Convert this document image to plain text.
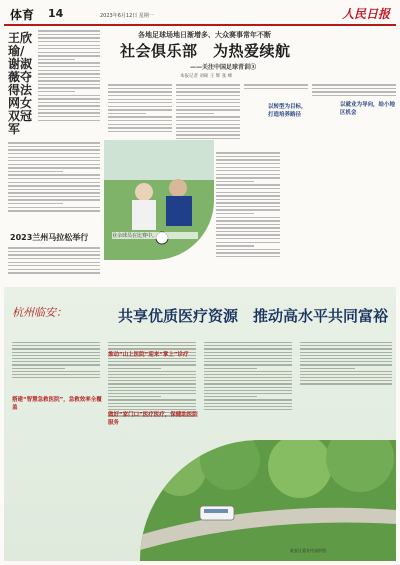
体育 14	2023年6月12日 星期一	人民日报
王欣瑜/谢淑薇夺得法网女双冠军
2023兰州马拉松举行
各地足球场地日渐增多、大众赛事常年不断
社会俱乐部　为热爱续航
——关注中国足球青训③
本报记者 刘硕 王 辉 张 峰
以转型为目标，打造培养路径
以就业为导向，给小地区机会
业余球员在比赛中。
杭州临安：	共享优质医疗资源　推动高水平共同富裕
搭建“智慧急救医院”，急救效率全覆盖
推动“山上医院”迎来“掌上”诊疗
做好“家门口”医疗医疗，保健助医院服务
临安区委宣传部供图
